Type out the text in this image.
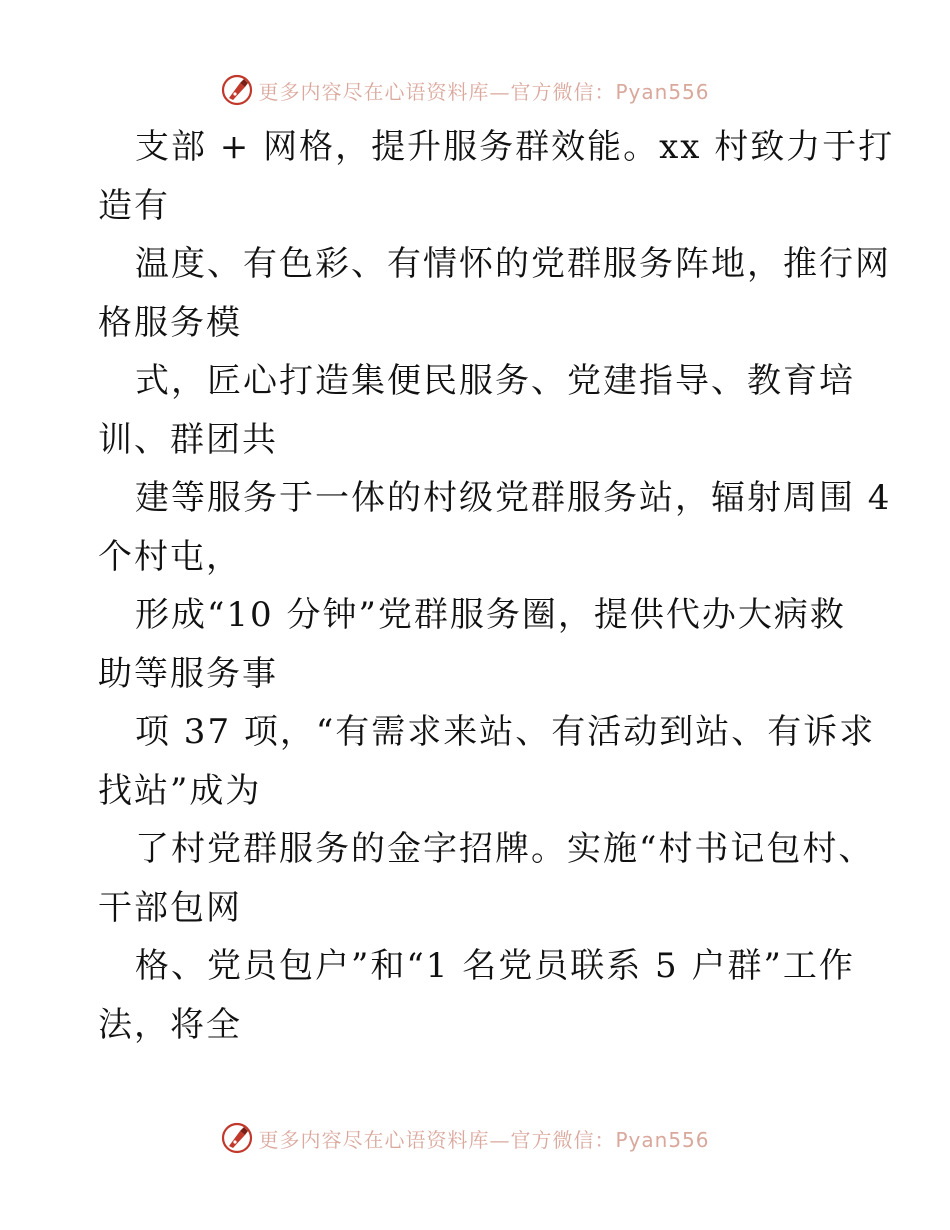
更多内容尽在心语资料库—官方微信：Pyan556
支部 + 网格，提升服务群效能。xx 村致力于打
造有
温度、有色彩、有情怀的党群服务阵地，推行网
格服务模
式，匠心打造集便民服务、党建指导、教育培
训、群团共
建等服务于一体的村级党群服务站，辐射周围 4
个村屯，
形成“10 分钟”党群服务圈，提供代办大病救
助等服务事
项 37 项，“有需求来站、有活动到站、有诉求
找站”成为
了村党群服务的金字招牌。实施“村书记包村、
干部包网
格、党员包户”和“1 名党员联系 5 户群”工作
法，将全
更多内容尽在心语资料库—官方微信：Pyan556
